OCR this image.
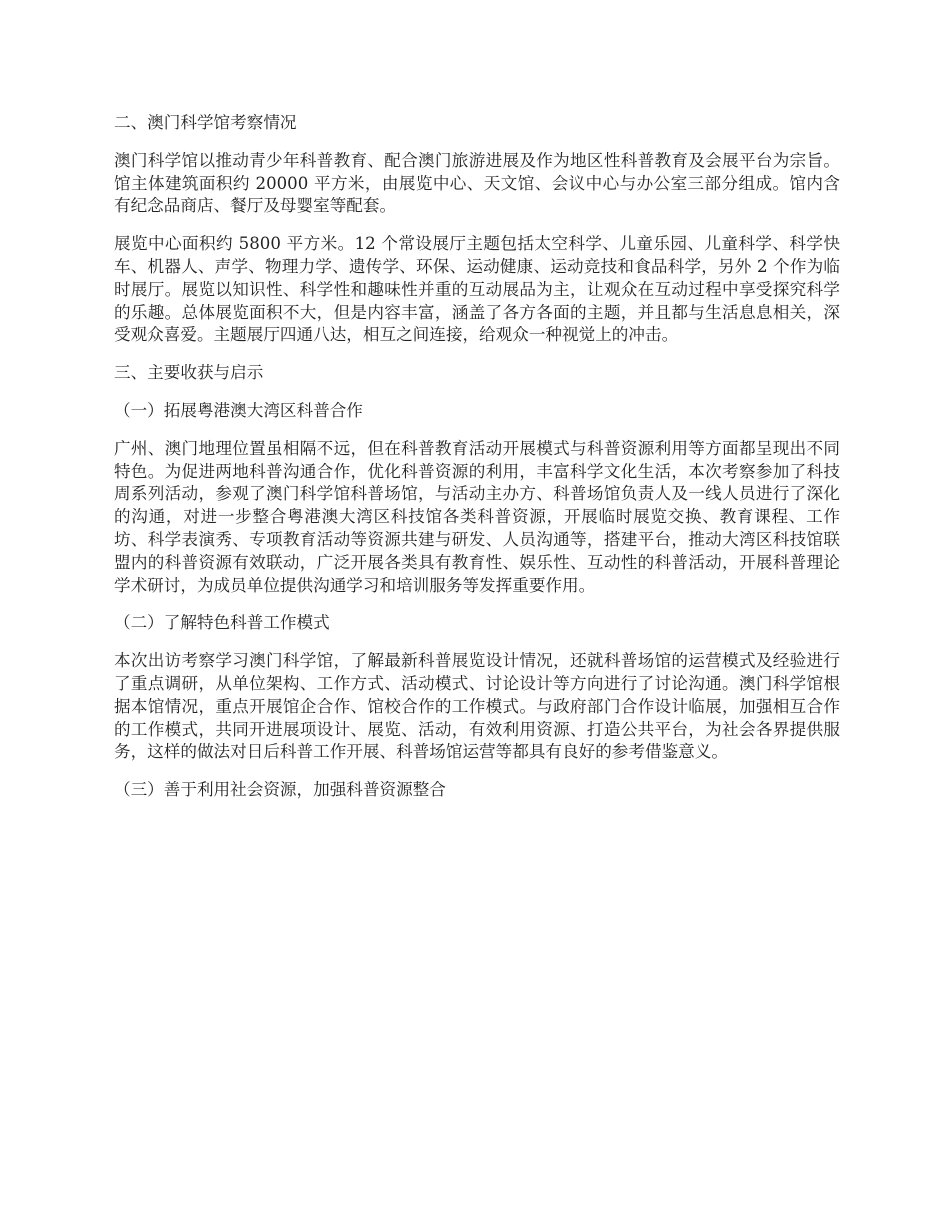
二、澳门科学馆考察情况

澳门科学馆以推动青少年科普教育、配合澳门旅游进展及作为地区性科普教育及会展平台为宗旨。馆主体建筑面积约 20000 平方米，由展览中心、天文馆、会议中心与办公室三部分组成。馆内含有纪念品商店、餐厅及母婴室等配套。

展览中心面积约 5800 平方米。12 个常设展厅主题包括太空科学、儿童乐园、儿童科学、科学快车、机器人、声学、物理力学、遗传学、环保、运动健康、运动竞技和食品科学，另外 2 个作为临时展厅。展览以知识性、科学性和趣味性并重的互动展品为主，让观众在互动过程中享受探究科学的乐趣。总体展览面积不大，但是内容丰富，涵盖了各方各面的主题，并且都与生活息息相关，深受观众喜爱。主题展厅四通八达，相互之间连接，给观众一种视觉上的冲击。

三、主要收获与启示

（一）拓展粤港澳大湾区科普合作

广州、澳门地理位置虽相隔不远，但在科普教育活动开展模式与科普资源利用等方面都呈现出不同特色。为促进两地科普沟通合作，优化科普资源的利用，丰富科学文化生活，本次考察参加了科技周系列活动，参观了澳门科学馆科普场馆，与活动主办方、科普场馆负责人及一线人员进行了深化的沟通，对进一步整合粤港澳大湾区科技馆各类科普资源，开展临时展览交换、教育课程、工作坊、科学表演秀、专项教育活动等资源共建与研发、人员沟通等，搭建平台，推动大湾区科技馆联盟内的科普资源有效联动，广泛开展各类具有教育性、娱乐性、互动性的科普活动，开展科普理论学术研讨，为成员单位提供沟通学习和培训服务等发挥重要作用。

（二）了解特色科普工作模式

本次出访考察学习澳门科学馆，了解最新科普展览设计情况，还就科普场馆的运营模式及经验进行了重点调研，从单位架构、工作方式、活动模式、讨论设计等方向进行了讨论沟通。澳门科学馆根据本馆情况，重点开展馆企合作、馆校合作的工作模式。与政府部门合作设计临展，加强相互合作的工作模式，共同开进展项设计、展览、活动，有效利用资源、打造公共平台，为社会各界提供服务，这样的做法对日后科普工作开展、科普场馆运营等都具有良好的参考借鉴意义。

（三）善于利用社会资源，加强科普资源整合
